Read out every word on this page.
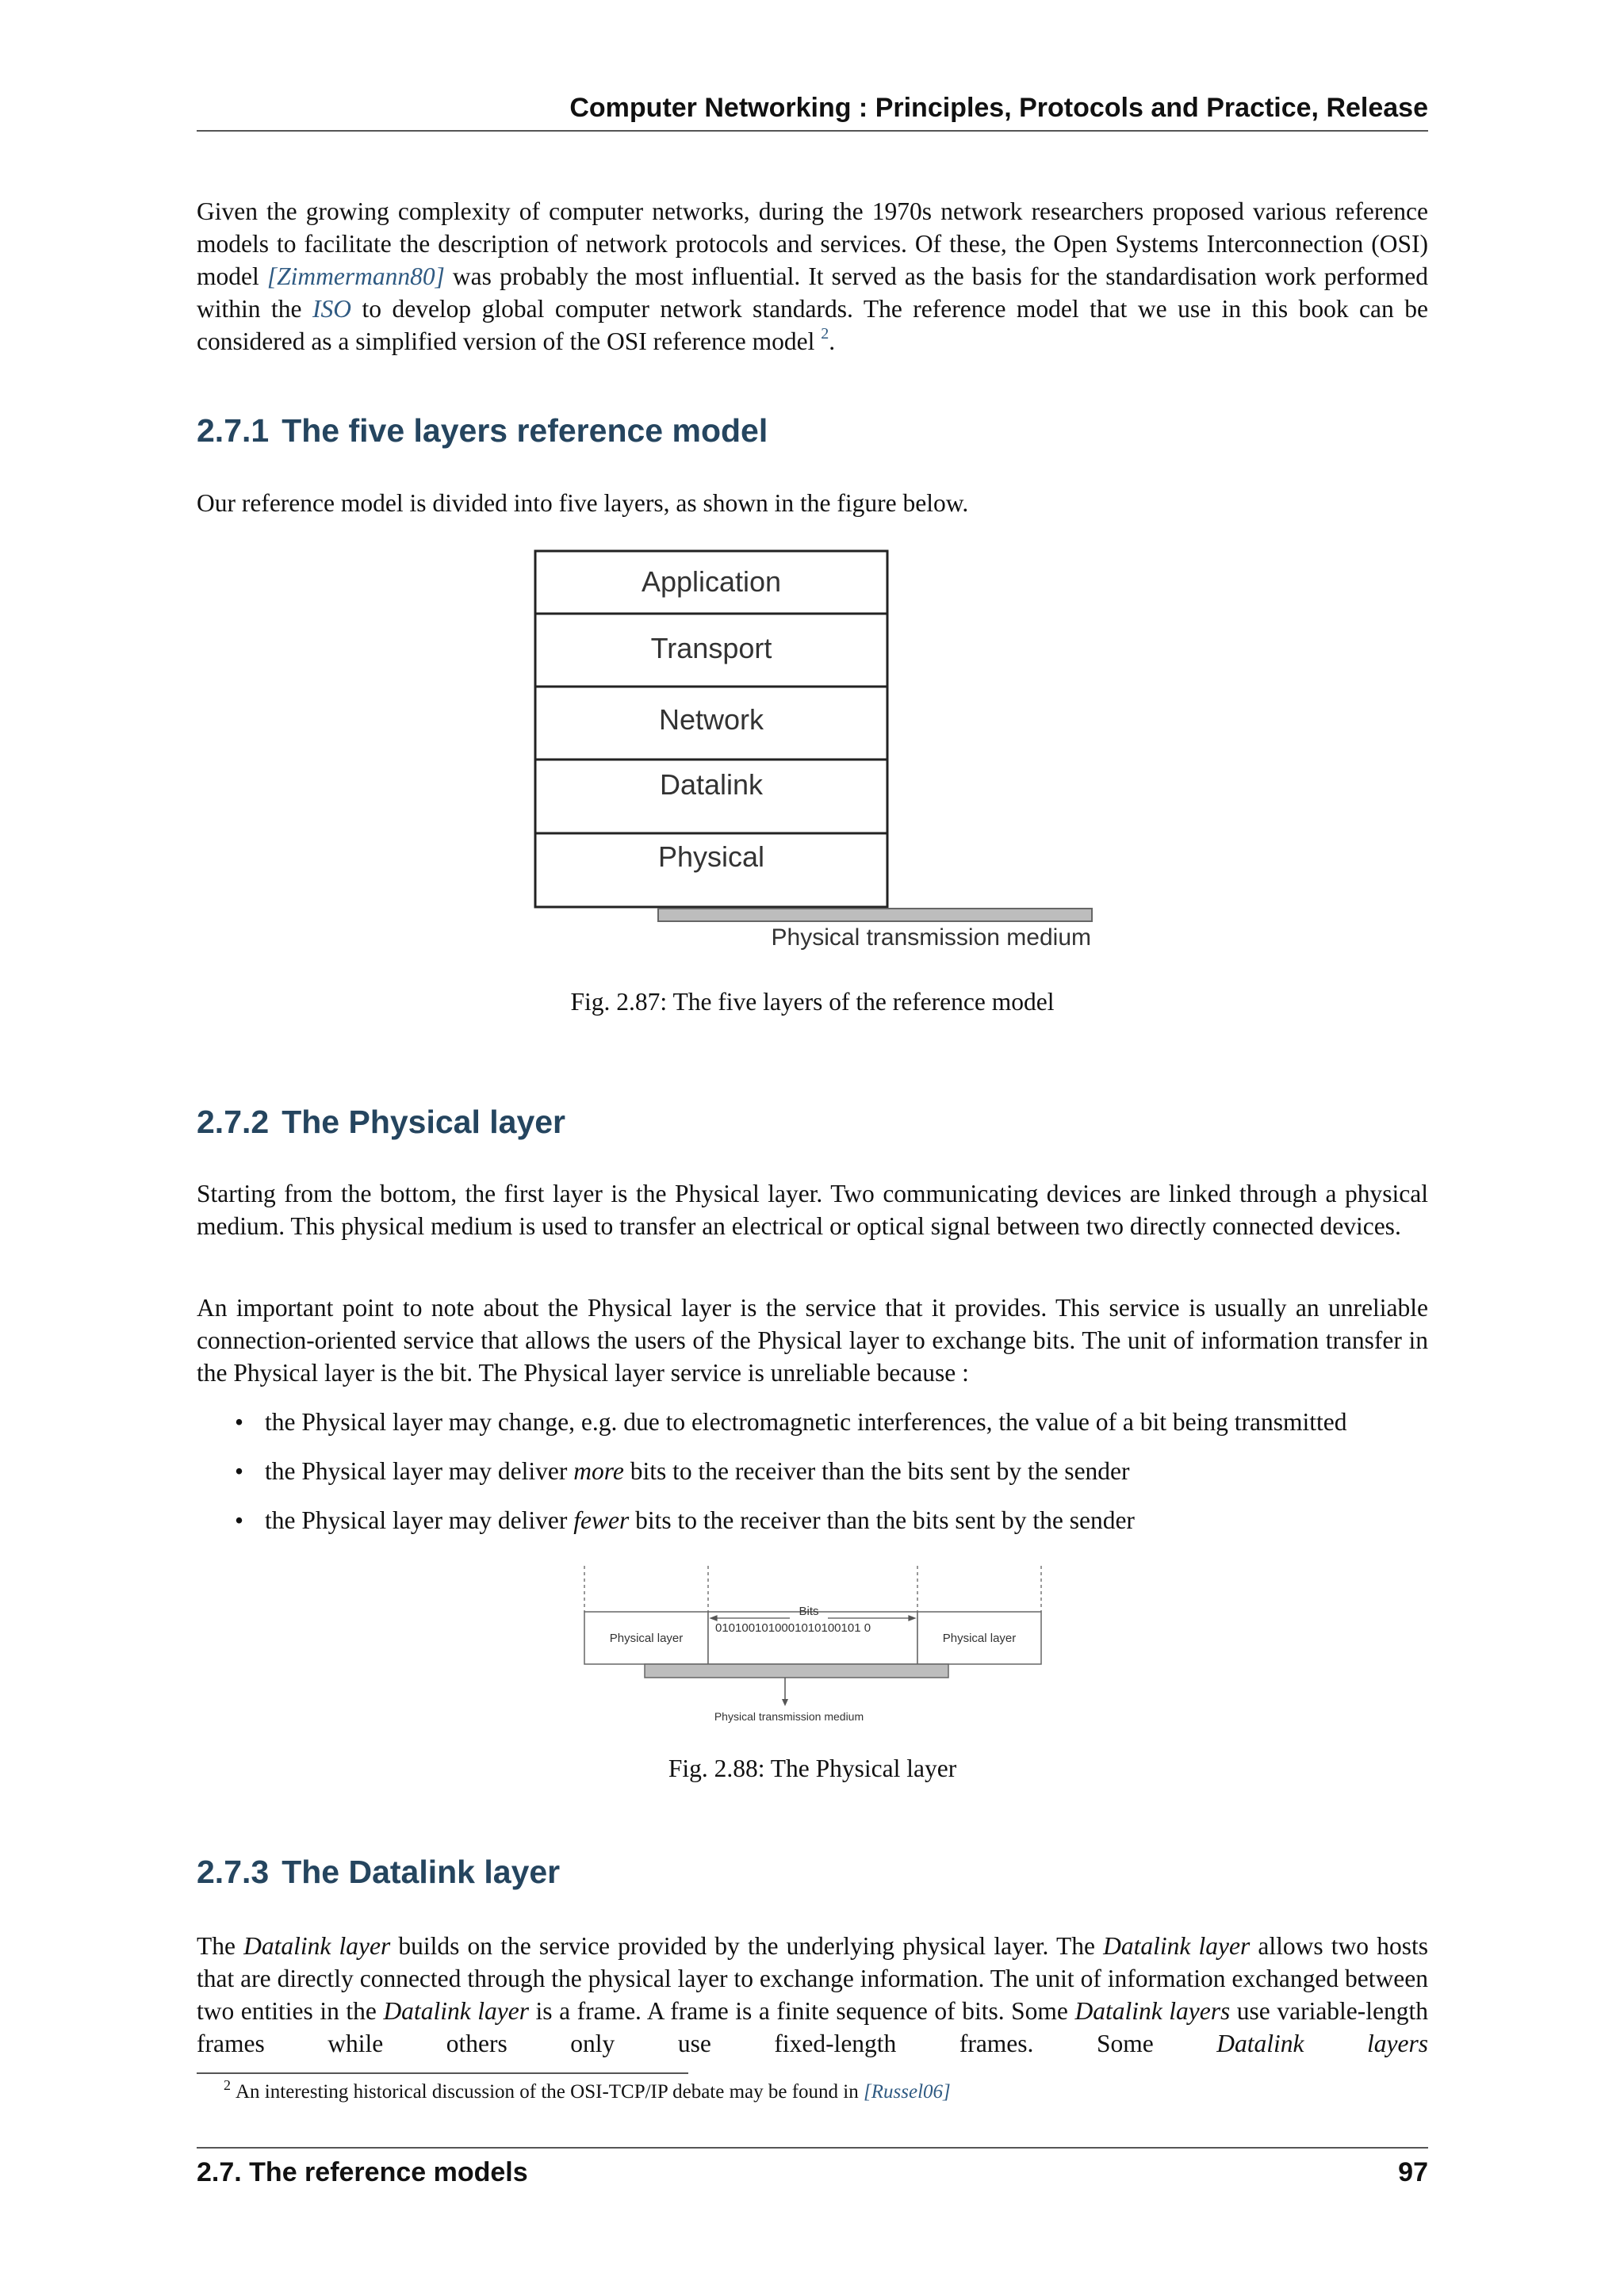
Computer Networking : Principles, Protocols and Practice, Release

Given the growing complexity of computer networks, during the 1970s network researchers proposed various reference models to facilitate the description of network protocols and services. Of these, the Open Systems Interconnection (OSI) model [Zimmermann80] was probably the most influential. It served as the basis for the standardisation work performed within the ISO to develop global computer network standards. The reference model that we use in this book can be considered as a simplified version of the OSI reference model $^2$.

2.7.1 The five layers reference model

Our reference model is divided into five layers, as shown in the figure below.

Application
Transport
Network
Datalink
Physical
Physical transmission medium
Fig. 2.87: The five layers of the reference model
2.7.2 The Physical layer

Starting from the bottom, the first layer is the Physical layer. Two communicating devices are linked through a physical medium. This physical medium is used to transfer an electrical or optical signal between two directly connected devices.

An important point to note about the Physical layer is the service that it provides. This service is usually an unreliable connection-oriented service that allows the users of the Physical layer to exchange bits. The unit of information transfer in the Physical layer is the bit. The Physical layer service is unreliable because :

• the Physical layer may change, e.g. due to electromagnetic interferences, the value of a bit being transmitted
• the Physical layer may deliver more bits to the receiver than the bits sent by the sender
• the Physical layer may deliver fewer bits to the receiver than the bits sent by the sender
Physical layer	Physical layer
Bits
0101001010001010100101 0
Physical transmission medium
Fig. 2.88: The Physical layer
2.7.3 The Datalink layer

The Datalink layer builds on the service provided by the underlying physical layer. The Datalink layer allows two hosts that are directly connected through the physical layer to exchange information. The unit of information exchanged between two entities in the Datalink layer is a frame. A frame is a finite sequence of bits. Some Datalink layers use variable-length frames while others only use fixed-length frames. Some Datalink layers

$^2$ An interesting historical discussion of the OSI-TCP/IP debate may be found in [Russel06]
2.7. The reference models	97
